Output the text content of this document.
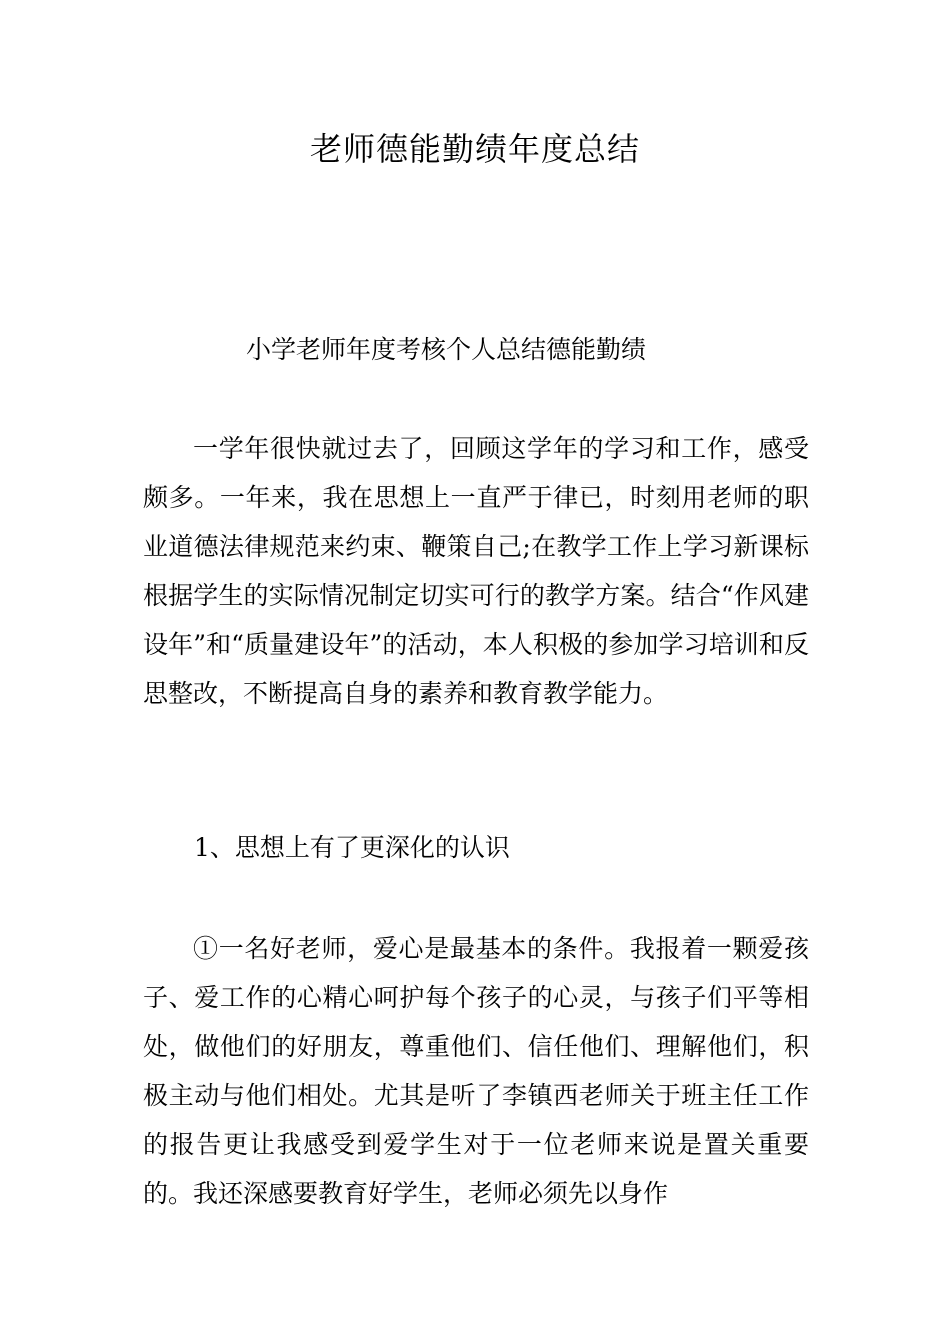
老师德能勤绩年度总结
小学老师年度考核个人总结德能勤绩

一学年很快就过去了，回顾这学年的学习和工作，感受颇多。一年来，我在思想上一直严于律已，时刻用老师的职业道德法律规范来约束、鞭策自己;在教学工作上学习新课标根据学生的实际情况制定切实可行的教学方案。结合“作风建设年”和“质量建设年”的活动，本人积极的参加学习培训和反思整改，不断提高自身的素养和教育教学能力。

1、思想上有了更深化的认识

①一名好老师，爱心是最基本的条件。我报着一颗爱孩子、爱工作的心精心呵护每个孩子的心灵，与孩子们平等相处，做他们的好朋友，尊重他们、信任他们、理解他们，积极主动与他们相处。尤其是听了李镇西老师关于班主任工作的报告更让我感受到爱学生对于一位老师来说是置关重要的。我还深感要教育好学生，老师必须先以身作
